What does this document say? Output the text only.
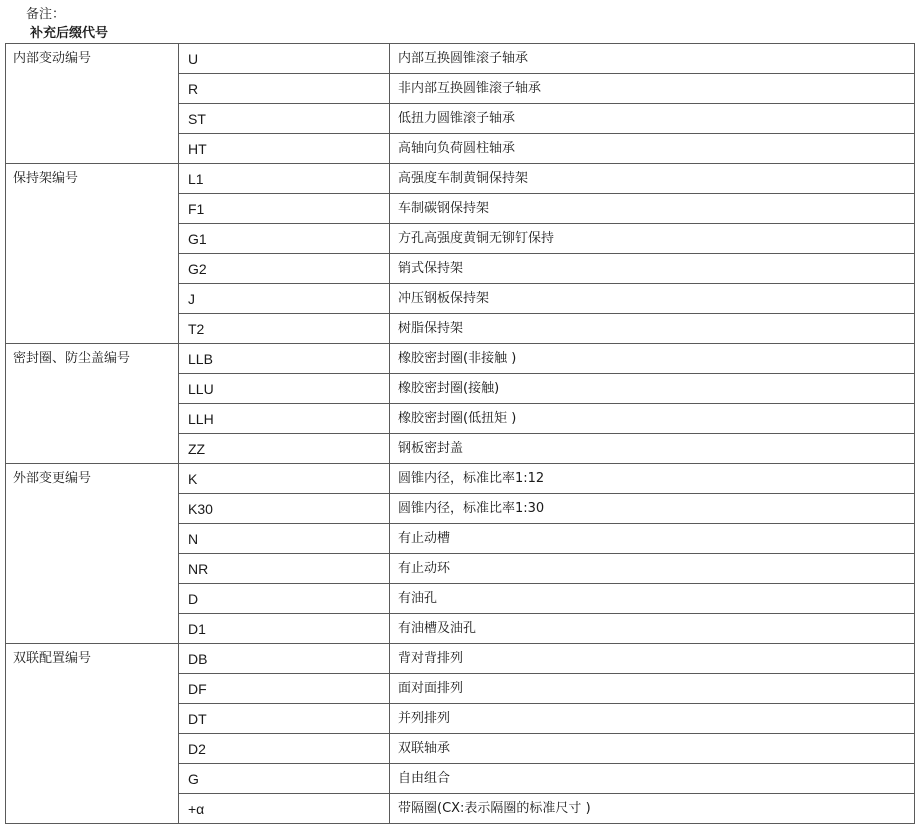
备注：
补充后缀代号
内部变动编号	U	内部互换圆锥滚子轴承
	R	非内部互换圆锥滚子轴承
	ST	低扭力圆锥滚子轴承
	HT	高轴向负荷圆柱轴承
保持架编号	L1	高强度车制黄铜保持架
	F1	车制碳钢保持架
	G1	方孔高强度黄铜无铆钉保持
	G2	销式保持架
	J	冲压钢板保持架
	T2	树脂保持架
密封圈、防尘盖编号	LLB	橡胶密封圈(非接触 )
	LLU	橡胶密封圈(接触)
	LLH	橡胶密封圈(低扭矩 )
	ZZ	钢板密封盖
外部变更编号	K	圆锥内径，标准比率1:12
	K30	圆锥内径，标准比率1:30
	N	有止动槽
	NR	有止动环
	D	有油孔
	D1	有油槽及油孔
双联配置编号	DB	背对背排列
	DF	面对面排列
	DT	并列排列
	D2	双联轴承
	G	自由组合
	+α	带隔圈(CX:表示隔圈的标准尺寸 )
